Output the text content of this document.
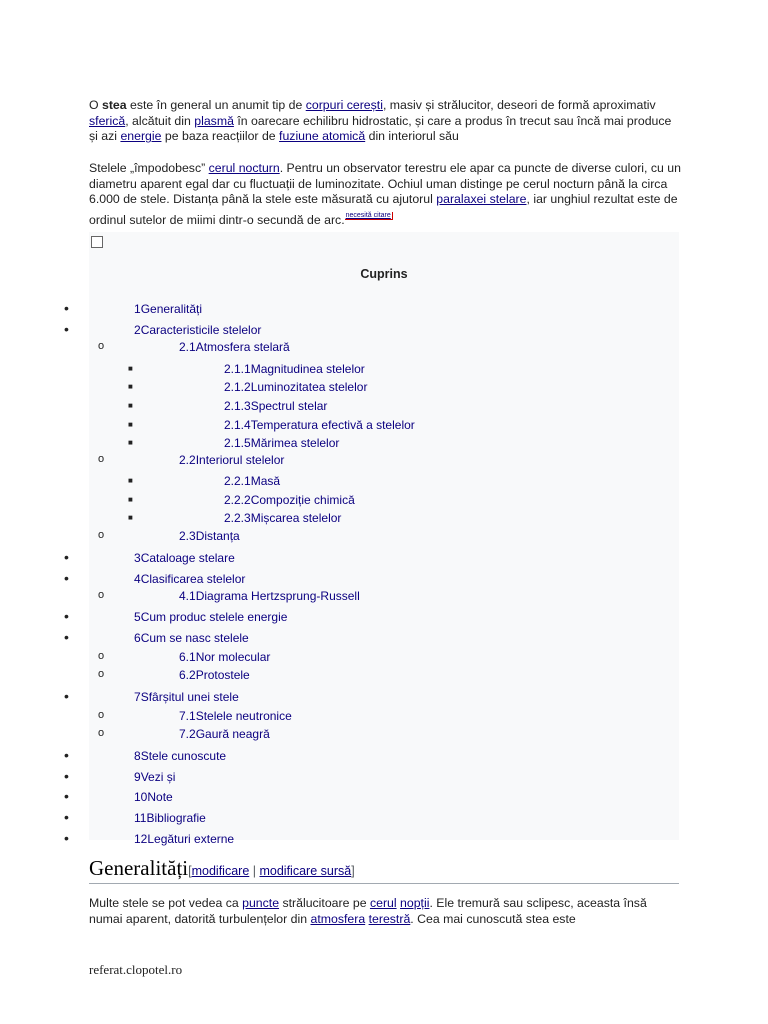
O stea este în general un anumit tip de corpuri cerești, masiv și strălucitor, deseori de formă aproximativ sferică, alcătuit din plasmă în oarecare echilibru hidrostatic, și care a produs în trecut sau încă mai produce și azi energie pe baza reacțiilor de fuziune atomică din interiorul său

Stelele „împodobesc” cerul nocturn. Pentru un observator terestru ele apar ca puncte de diverse culori, cu un diametru aparent egal dar cu fluctuații de luminozitate. Ochiul uman distinge pe cerul nocturn până la circa 6.000 de stele. Distanța până la stele este măsurată cu ajutorul paralaxei stelare, iar unghiul rezultat este de ordinul sutelor de miimi dintr-o secundă de arc.$^{necesită citare}$

Cuprins
•	1Generalități
•	2Caracteristicile stelelor
o	2.1Atmosfera stelară
■	2.1.1Magnitudinea stelelor
■	2.1.2Luminozitatea stelelor
■	2.1.3Spectrul stelar
■	2.1.4Temperatura efectivă a stelelor
■	2.1.5Mărimea stelelor
o	2.2Interiorul stelelor
■	2.2.1Masă
■	2.2.2Compoziție chimică
■	2.2.3Mișcarea stelelor
o	2.3Distanța
•	3Cataloage stelare
•	4Clasificarea stelelor
o	4.1Diagrama Hertzsprung-Russell
•	5Cum produc stelele energie
•	6Cum se nasc stelele
o	6.1Nor molecular
o	6.2Protostele
•	7Sfârșitul unei stele
o	7.1Stelele neutronice
o	7.2Gaură neagră
•	8Stele cunoscute
•	9Vezi și
•	10Note
•	11Bibliografie
•	12Legături externe
Generalități[modificare | modificare sursă]

Multe stele se pot vedea ca puncte strălucitoare pe cerul nopții. Ele tremură sau sclipesc, aceasta însă numai aparent, datorită turbulențelor din atmosfera terestră. Cea mai cunoscută stea este

referat.clopotel.ro
